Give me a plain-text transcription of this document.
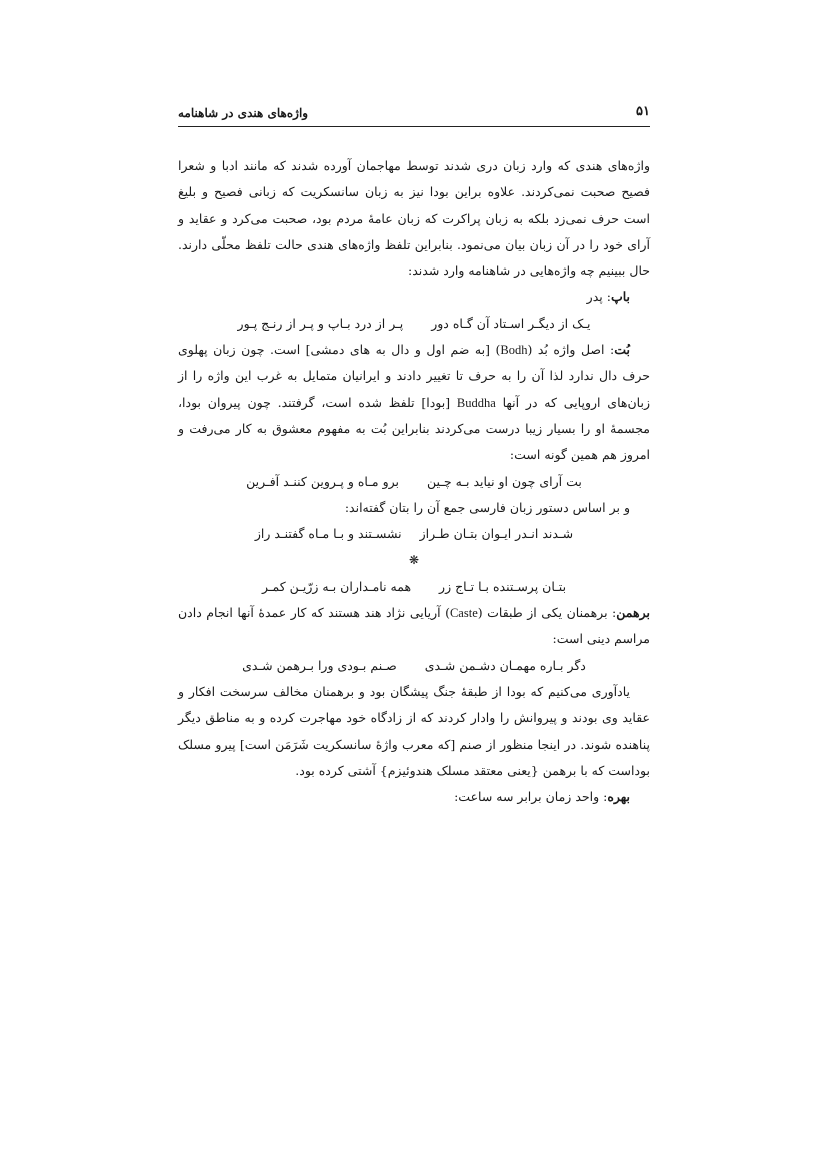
۵۱
واژه‌های هندی در شاهنامه

واژه‌های هندی که وارد زبان دری شدند توسط مهاجمان آورده شدند که مانند ادبا و شعرا فصیح صحبت نمی‌کردند. علاوه براین بودا نیز به زبان سانسکریت که زبانی فصیح و بلیغ است حرف نمی‌زد بلکه به زبان پراکرت که زبان عامهٔ مردم بود، صحبت می‌کرد و عقاید و آرای خود را در آن زبان بیان می‌نمود. بنابراین تلفظ واژه‌های هندی حالت تلفظ محلّی دارند. حال ببینیم چه واژه‌هایی در شاهنامه وارد شدند:

باپ: پدر

یـک از دیگـر اسـتاد آن گـاه دور
پـر از درد بـاپ و پـر از رنـج پـور

بُت: اصل واژه بُد (Bodh) [به ضم اول و دال به های دمشی] است. چون زبان پهلوی حرف دال ندارد لذا آن را به حرف تا تغییر دادند و ایرانیان متمایل به غرب این واژه را از زبان‌های اروپایی که در آنها Buddha [بودا] تلفظ شده است، گرفتند. چون پیروان بودا، مجسمهٔ او را بسیار زیبا درست می‌کردند بنابراین بُت به مفهوم معشوق به کار می‌رفت و امروز هم همین گونه است:

بت آرای چون او نیاید بـه چـین
برو مـاه و پـروین کننـد آفـرین
و بر اساس دستور زبان فارسی جمع آن را بتان گفته‌اند:
شـدند انـدر ایـوان بتـان طـراز
نشسـتند و بـا مـاه گفتنـد راز
❋
بتـان پرسـتنده بـا تـاج زر
همه نامـداران بـه زرّیـن کمـر

برهمن: برهمنان یکی از طبقات (Caste) آریایی نژاد هند هستند که کار عمدهٔ آنها انجام دادن مراسم دینی است:

دگر بـاره مهمـان دشـمن شـدی
صـنم بـودی ورا بـرهمن شـدی

یادآوری می‌کنیم که بودا از طبقهٔ جنگ پیشگان بود و برهمنان مخالف سرسخت افکار و عقاید وی بودند و پیروانش را وادار کردند که از زادگاه خود مهاجرت کرده و به مناطق دیگر پناهنده شوند. در اینجا منظور از صنم [که معرب واژهٔ سانسکریت شَرَمَن است] پیرو مسلک بوداست که با برهمن {یعنی معتقد مسلک هندوئیزم} آشتی کرده بود.

بهره: واحد زمان برابر سه ساعت:
